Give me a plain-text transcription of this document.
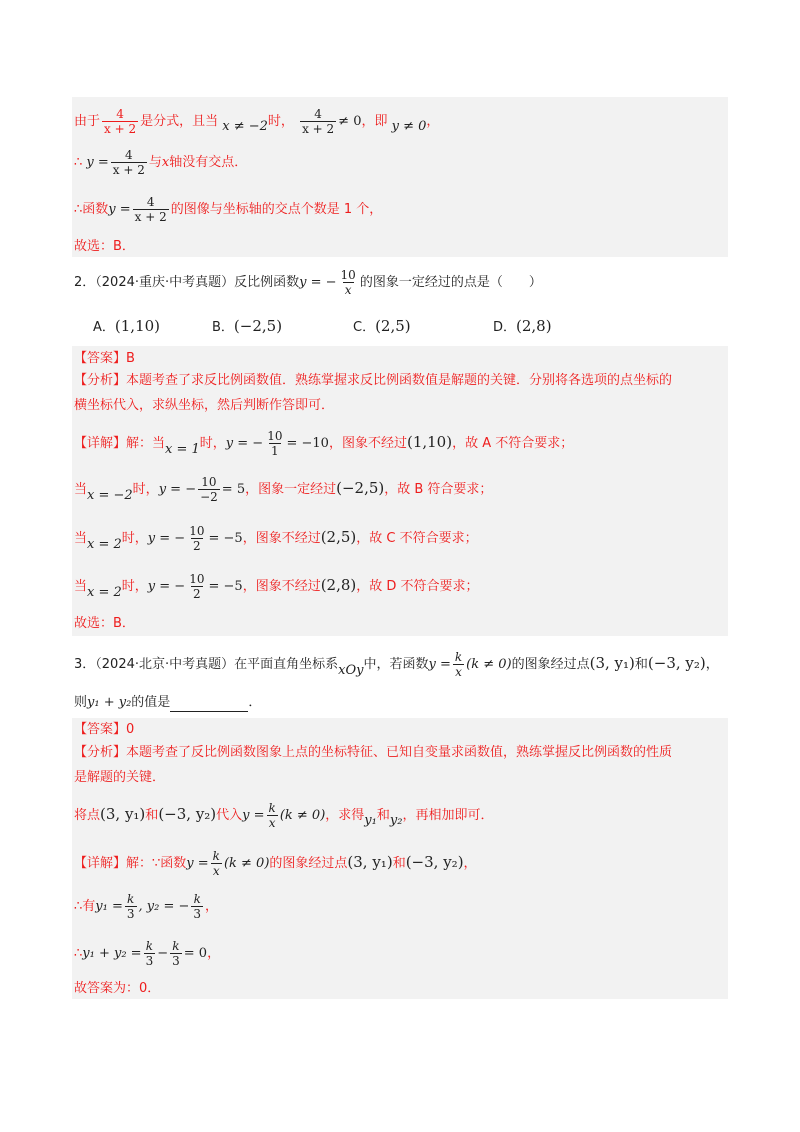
由于 $\frac{4}{x + 2}$ 是分式，且当 x ≠ −2时， $\frac{4}{x + 2} \ne 0$，即 y ≠ 0，
∴ $y = \frac{4}{x + 2}$ 与x轴没有交点．
∴函数$y = \frac{4}{x + 2}$ 的图像与坐标轴的交点个数是 1 个，
故选：B．
2．（2024·重庆·中考真题）反比例函数y = − $\frac{10}{x}$ 的图象一定经过的点是（　　）
A．(1,10)	B．(−2,5)	C．(2,5)	D．(2,8)
【答案】B
【分析】本题考查了求反比例函数值．熟练掌握求反比例函数值是解题的关键．分别将各选项的点坐标的
横坐标代入，求纵坐标，然后判断作答即可．
【详解】解：当x = 1时，y = − $\frac{10}{1} = -10$，图象不经过(1,10)，故 A 不符合要求；
当x = −2时，y = − $\frac{10}{-2} = 5$，图象一定经过(−2,5)，故 B 符合要求；
当x = 2时，y = − $\frac{10}{2} = -5$，图象不经过(2,5)，故 C 不符合要求；
当x = 2时，y = − $\frac{10}{2} = -5$，图象不经过(2,8)，故 D 不符合要求；
故选：B．
3．（2024·北京·中考真题）在平面直角坐标系xOy中，若函数$y = \frac{k}{x} (k \ne 0)$的图象经过点(3, y₁)和(−3, y₂)，
则y₁ + y₂的值是	．
【答案】0
【分析】本题考查了反比例函数图象上点的坐标特征、已知自变量求函数值，熟练掌握反比例函数的性质
是解题的关键．
将点(3, y₁)和(−3, y₂)代入$y = \frac{k}{x} (k \ne 0)$，求得y₁和y₂，再相加即可．
【详解】解：∵函数$y = \frac{k}{x} (k \ne 0)$的图象经过点(3, y₁)和(−3, y₂)，
∴有$y_1 = \frac{k}{3}$ , y₂ = − $\frac{k}{3}$ ，
∴y₁ + $y_2 = \frac{k}{3} - \frac{k}{3} = 0$，
故答案为：0．
